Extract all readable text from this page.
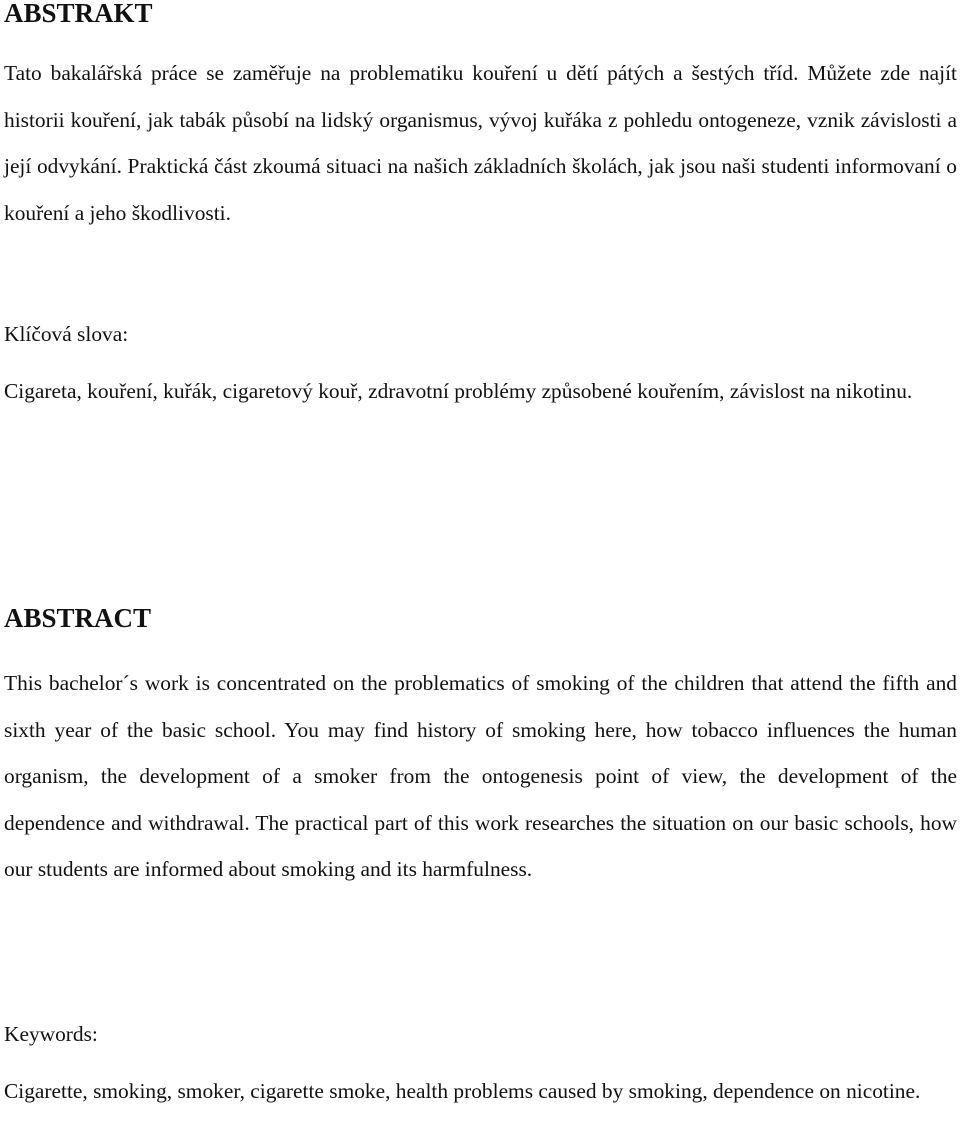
ABSTRAKT

Tato bakalářská práce se zaměřuje na problematiku kouření u dětí pátých a šestých tříd. Můžete zde najít historii kouření, jak tabák působí na lidský organismus, vývoj kuřáka z pohledu ontogeneze, vznik závislosti a její odvykání. Praktická část zkoumá situaci na našich základních školách, jak jsou naši studenti informovaní o kouření a jeho škodlivosti.

Klíčová slova:

Cigareta, kouření, kuřák, cigaretový kouř, zdravotní problémy způsobené kouřením, závislost na nikotinu.

ABSTRACT

This bachelor´s work is concentrated on the problematics of smoking of the children that attend the fifth and sixth year of the basic school. You may find history of smoking here, how tobacco influences the human organism, the development of a smoker from the ontogenesis point of view, the development of the dependence and withdrawal. The practical part of this work researches the situation on our basic schools, how our students are informed about smoking and its harmfulness.

Keywords:

Cigarette, smoking, smoker, cigarette smoke, health problems caused by smoking, dependence on nicotine.
